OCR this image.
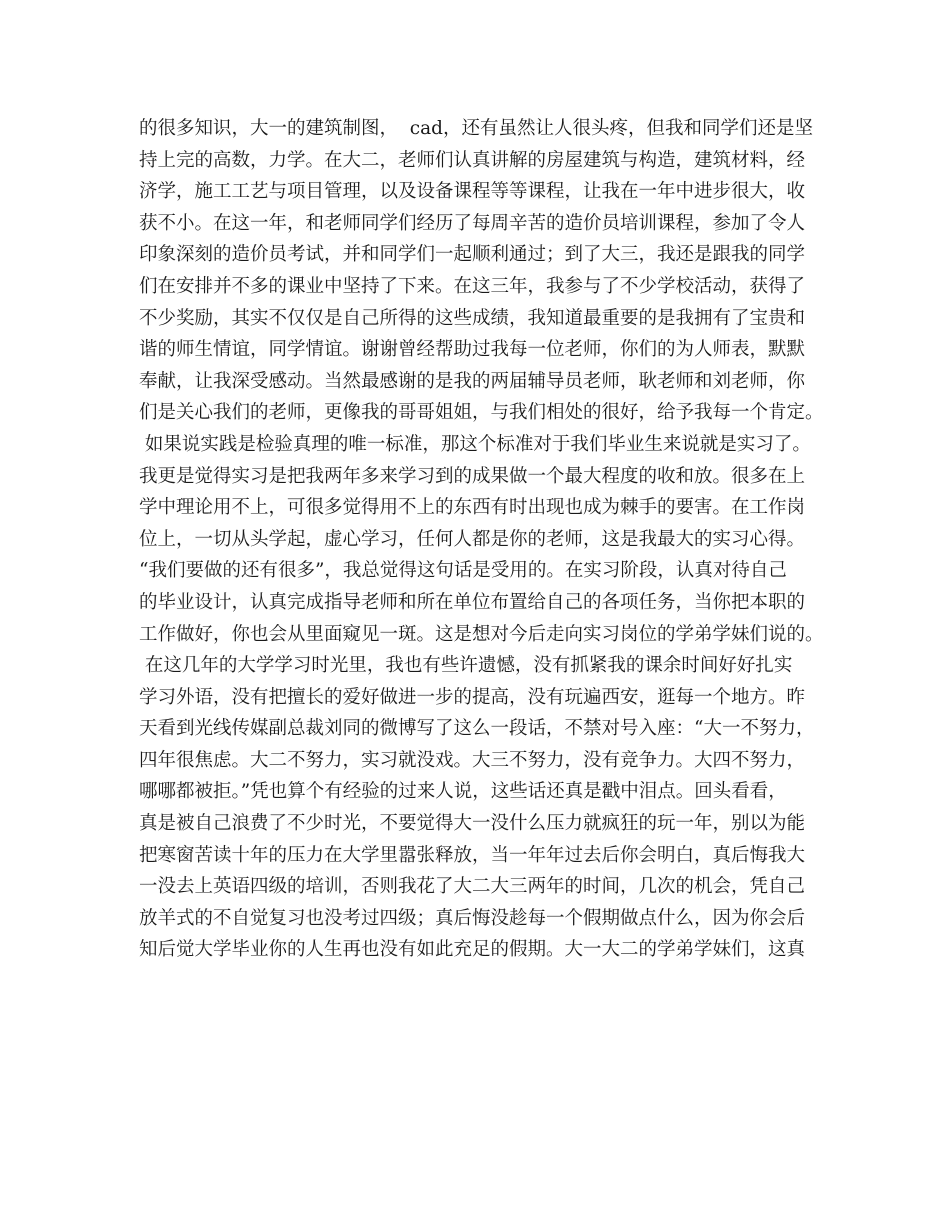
的很多知识，大一的建筑制图，  cad，还有虽然让人很头疼，但我和同学们还是坚
持上完的高数，力学。在大二，老师们认真讲解的房屋建筑与构造，建筑材料，经
济学，施工工艺与项目管理，以及设备课程等等课程，让我在一年中进步很大，收
获不小。在这一年，和老师同学们经历了每周辛苦的造价员培训课程，参加了令人
印象深刻的造价员考试，并和同学们一起顺利通过；到了大三，我还是跟我的同学
们在安排并不多的课业中坚持了下来。在这三年，我参与了不少学校活动，获得了
不少奖励，其实不仅仅是自己所得的这些成绩，我知道最重要的是我拥有了宝贵和
谐的师生情谊，同学情谊。谢谢曾经帮助过我每一位老师，你们的为人师表，默默
奉献，让我深受感动。当然最感谢的是我的两届辅导员老师，耿老师和刘老师，你
们是关心我们的老师，更像我的哥哥姐姐，与我们相处的很好，给予我每一个肯定。
如果说实践是检验真理的唯一标准，那这个标准对于我们毕业生来说就是实习了。
我更是觉得实习是把我两年多来学习到的成果做一个最大程度的收和放。很多在上
学中理论用不上，可很多觉得用不上的东西有时出现也成为棘手的要害。在工作岗
位上，一切从头学起，虚心学习，任何人都是你的老师，这是我最大的实习心得。
“我们要做的还有很多”，我总觉得这句话是受用的。在实习阶段，认真对待自己
的毕业设计，认真完成指导老师和所在单位布置给自己的各项任务，当你把本职的
工作做好，你也会从里面窥见一斑。这是想对今后走向实习岗位的学弟学妹们说的。
在这几年的大学学习时光里，我也有些许遗憾，没有抓紧我的课余时间好好扎实
学习外语，没有把擅长的爱好做进一步的提高，没有玩遍西安，逛每一个地方。昨
天看到光线传媒副总裁刘同的微博写了这么一段话，不禁对号入座：“大一不努力，
四年很焦虑。大二不努力，实习就没戏。大三不努力，没有竞争力。大四不努力，
哪哪都被拒。”凭也算个有经验的过来人说，这些话还真是戳中泪点。回头看看，
真是被自己浪费了不少时光，不要觉得大一没什么压力就疯狂的玩一年，别以为能
把寒窗苦读十年的压力在大学里嚣张释放，当一年年过去后你会明白，真后悔我大
一没去上英语四级的培训，否则我花了大二大三两年的时间，几次的机会，凭自己
放羊式的不自觉复习也没考过四级；真后悔没趁每一个假期做点什么，因为你会后
知后觉大学毕业你的人生再也没有如此充足的假期。大一大二的学弟学妹们，这真
